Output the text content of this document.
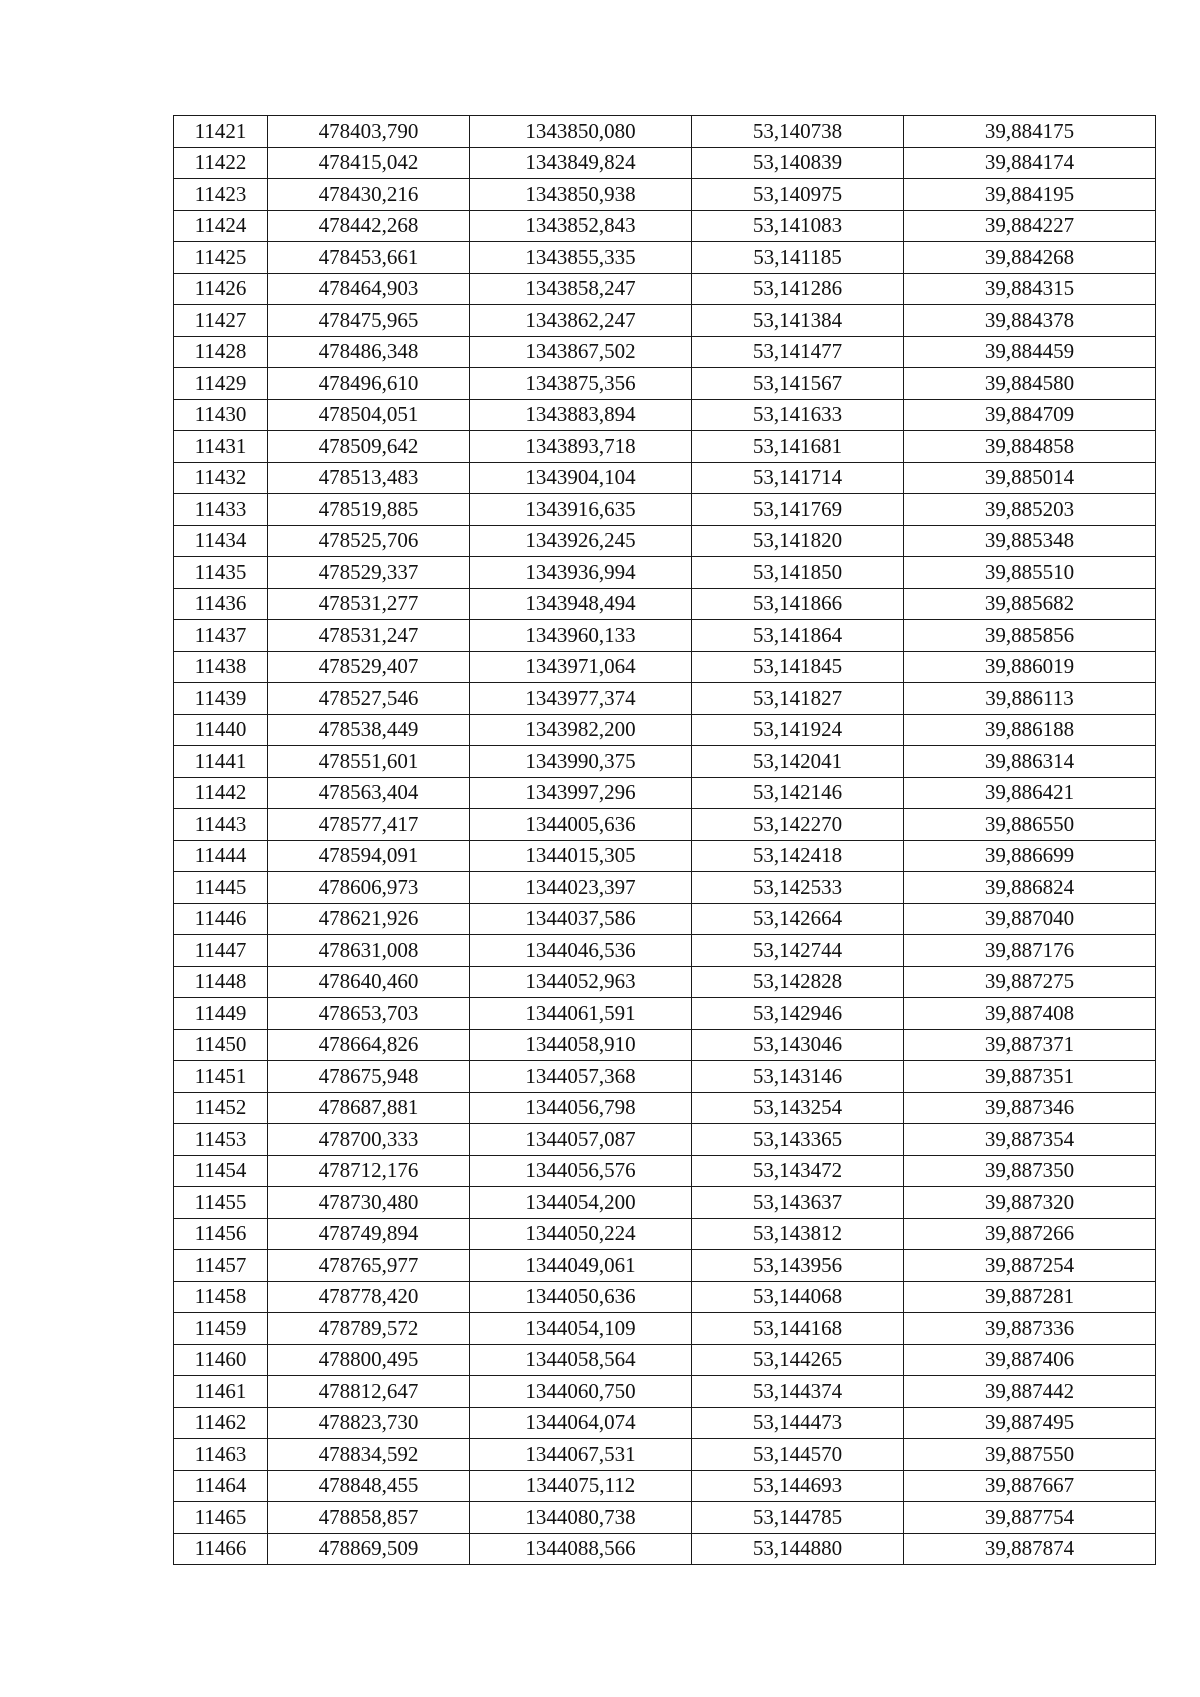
11421	478403,790	1343850,080	53,140738	39,884175
11422	478415,042	1343849,824	53,140839	39,884174
11423	478430,216	1343850,938	53,140975	39,884195
11424	478442,268	1343852,843	53,141083	39,884227
11425	478453,661	1343855,335	53,141185	39,884268
11426	478464,903	1343858,247	53,141286	39,884315
11427	478475,965	1343862,247	53,141384	39,884378
11428	478486,348	1343867,502	53,141477	39,884459
11429	478496,610	1343875,356	53,141567	39,884580
11430	478504,051	1343883,894	53,141633	39,884709
11431	478509,642	1343893,718	53,141681	39,884858
11432	478513,483	1343904,104	53,141714	39,885014
11433	478519,885	1343916,635	53,141769	39,885203
11434	478525,706	1343926,245	53,141820	39,885348
11435	478529,337	1343936,994	53,141850	39,885510
11436	478531,277	1343948,494	53,141866	39,885682
11437	478531,247	1343960,133	53,141864	39,885856
11438	478529,407	1343971,064	53,141845	39,886019
11439	478527,546	1343977,374	53,141827	39,886113
11440	478538,449	1343982,200	53,141924	39,886188
11441	478551,601	1343990,375	53,142041	39,886314
11442	478563,404	1343997,296	53,142146	39,886421
11443	478577,417	1344005,636	53,142270	39,886550
11444	478594,091	1344015,305	53,142418	39,886699
11445	478606,973	1344023,397	53,142533	39,886824
11446	478621,926	1344037,586	53,142664	39,887040
11447	478631,008	1344046,536	53,142744	39,887176
11448	478640,460	1344052,963	53,142828	39,887275
11449	478653,703	1344061,591	53,142946	39,887408
11450	478664,826	1344058,910	53,143046	39,887371
11451	478675,948	1344057,368	53,143146	39,887351
11452	478687,881	1344056,798	53,143254	39,887346
11453	478700,333	1344057,087	53,143365	39,887354
11454	478712,176	1344056,576	53,143472	39,887350
11455	478730,480	1344054,200	53,143637	39,887320
11456	478749,894	1344050,224	53,143812	39,887266
11457	478765,977	1344049,061	53,143956	39,887254
11458	478778,420	1344050,636	53,144068	39,887281
11459	478789,572	1344054,109	53,144168	39,887336
11460	478800,495	1344058,564	53,144265	39,887406
11461	478812,647	1344060,750	53,144374	39,887442
11462	478823,730	1344064,074	53,144473	39,887495
11463	478834,592	1344067,531	53,144570	39,887550
11464	478848,455	1344075,112	53,144693	39,887667
11465	478858,857	1344080,738	53,144785	39,887754
11466	478869,509	1344088,566	53,144880	39,887874
